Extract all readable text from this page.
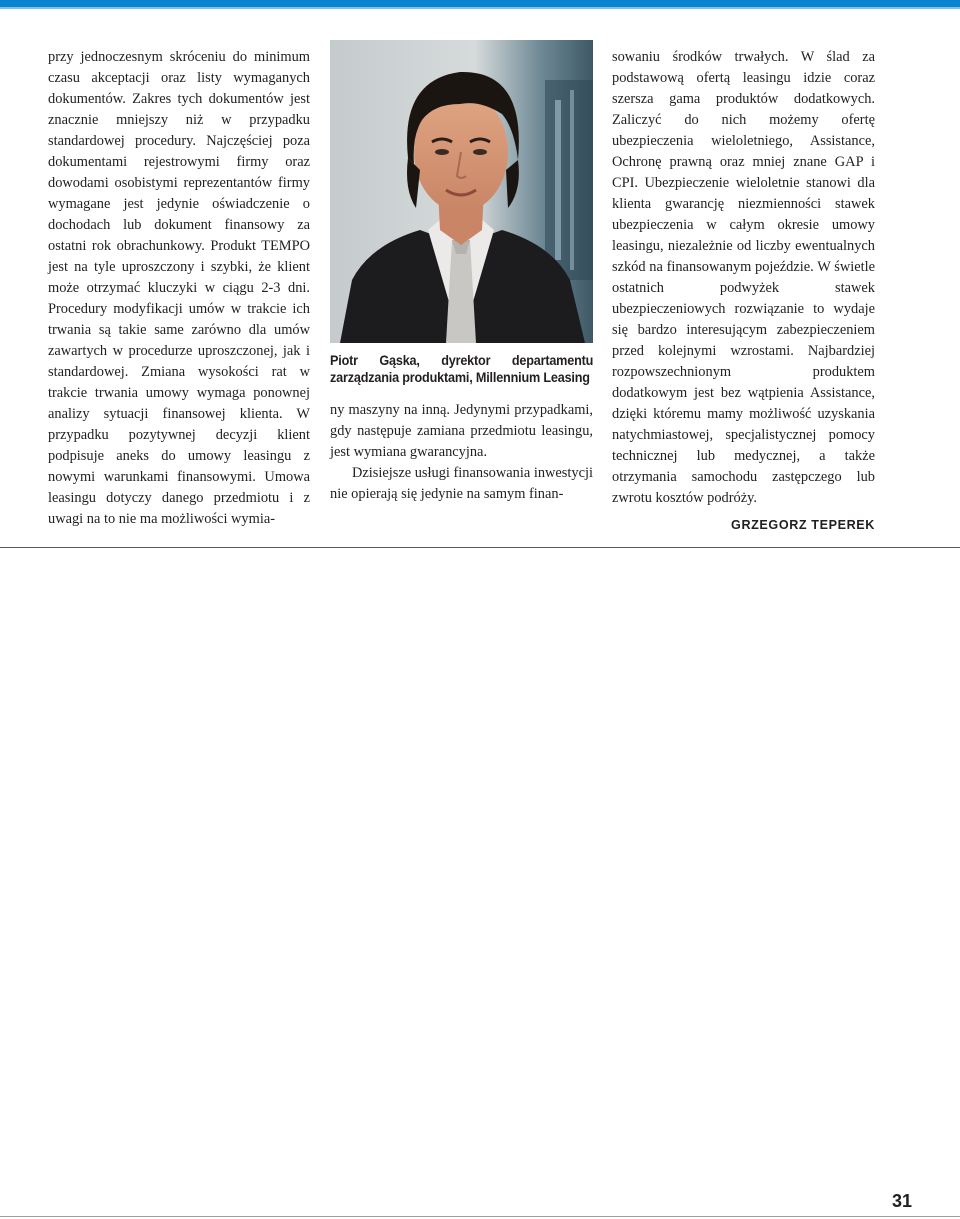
przy jednoczesnym skróceniu do minimum czasu akceptacji oraz listy wymaganych dokumentów. Zakres tych dokumentów jest znacznie mniejszy niż w przypadku standardowej procedury. Najczęściej poza dokumentami rejestrowymi firmy oraz dowodami osobistymi reprezentantów firmy wymagane jest jedynie oświadczenie o dochodach lub dokument finansowy za ostatni rok obrachunkowy. Produkt TEMPO jest na tyle uproszczony i szybki, że klient może otrzymać kluczyki w ciągu 2-3 dni. Procedury modyfikacji umów w trakcie ich trwania są takie same zarówno dla umów zawartych w procedurze uproszczonej, jak i standardowej. Zmiana wysokości rat w trakcie trwania umowy wymaga ponownej analizy sytuacji finansowej klienta. W przypadku pozytywnej decyzji klient podpisuje aneks do umowy leasingu z nowymi warunkami finansowymi. Umowa leasingu dotyczy danego przedmiotu i z uwagi na to nie ma możliwości wymia-

Piotr Gąska, dyrektor departamentu zarządzania produktami, Millennium Leasing

ny maszyny na inną. Jedynymi przypadkami, gdy następuje zamiana przedmiotu leasingu, jest wymiana gwarancyjna.

Dzisiejsze usługi finansowania inwestycji nie opierają się jedynie na samym finan-

sowaniu środków trwałych. W ślad za podstawową ofertą leasingu idzie coraz szersza gama produktów dodatkowych. Zaliczyć do nich możemy ofertę ubezpieczenia wieloletniego, Assistance, Ochronę prawną oraz mniej znane GAP i CPI. Ubezpieczenie wieloletnie stanowi dla klienta gwarancję niezmienności stawek ubezpieczenia w całym okresie umowy leasingu, niezależnie od liczby ewentualnych szkód na finansowanym pojeździe. W świetle ostatnich podwyżek stawek ubezpieczeniowych rozwiązanie to wydaje się bardzo interesującym zabezpieczeniem przed kolejnymi wzrostami. Najbardziej rozpowszechnionym produktem dodatkowym jest bez wątpienia Assistance, dzięki któremu mamy możliwość uzyskania natychmiastowej, specjalistycznej pomocy technicznej lub medycznej, a także otrzymania samochodu zastępczego lub zwrotu kosztów podróży.

GRZEGORZ TEPEREK
31
